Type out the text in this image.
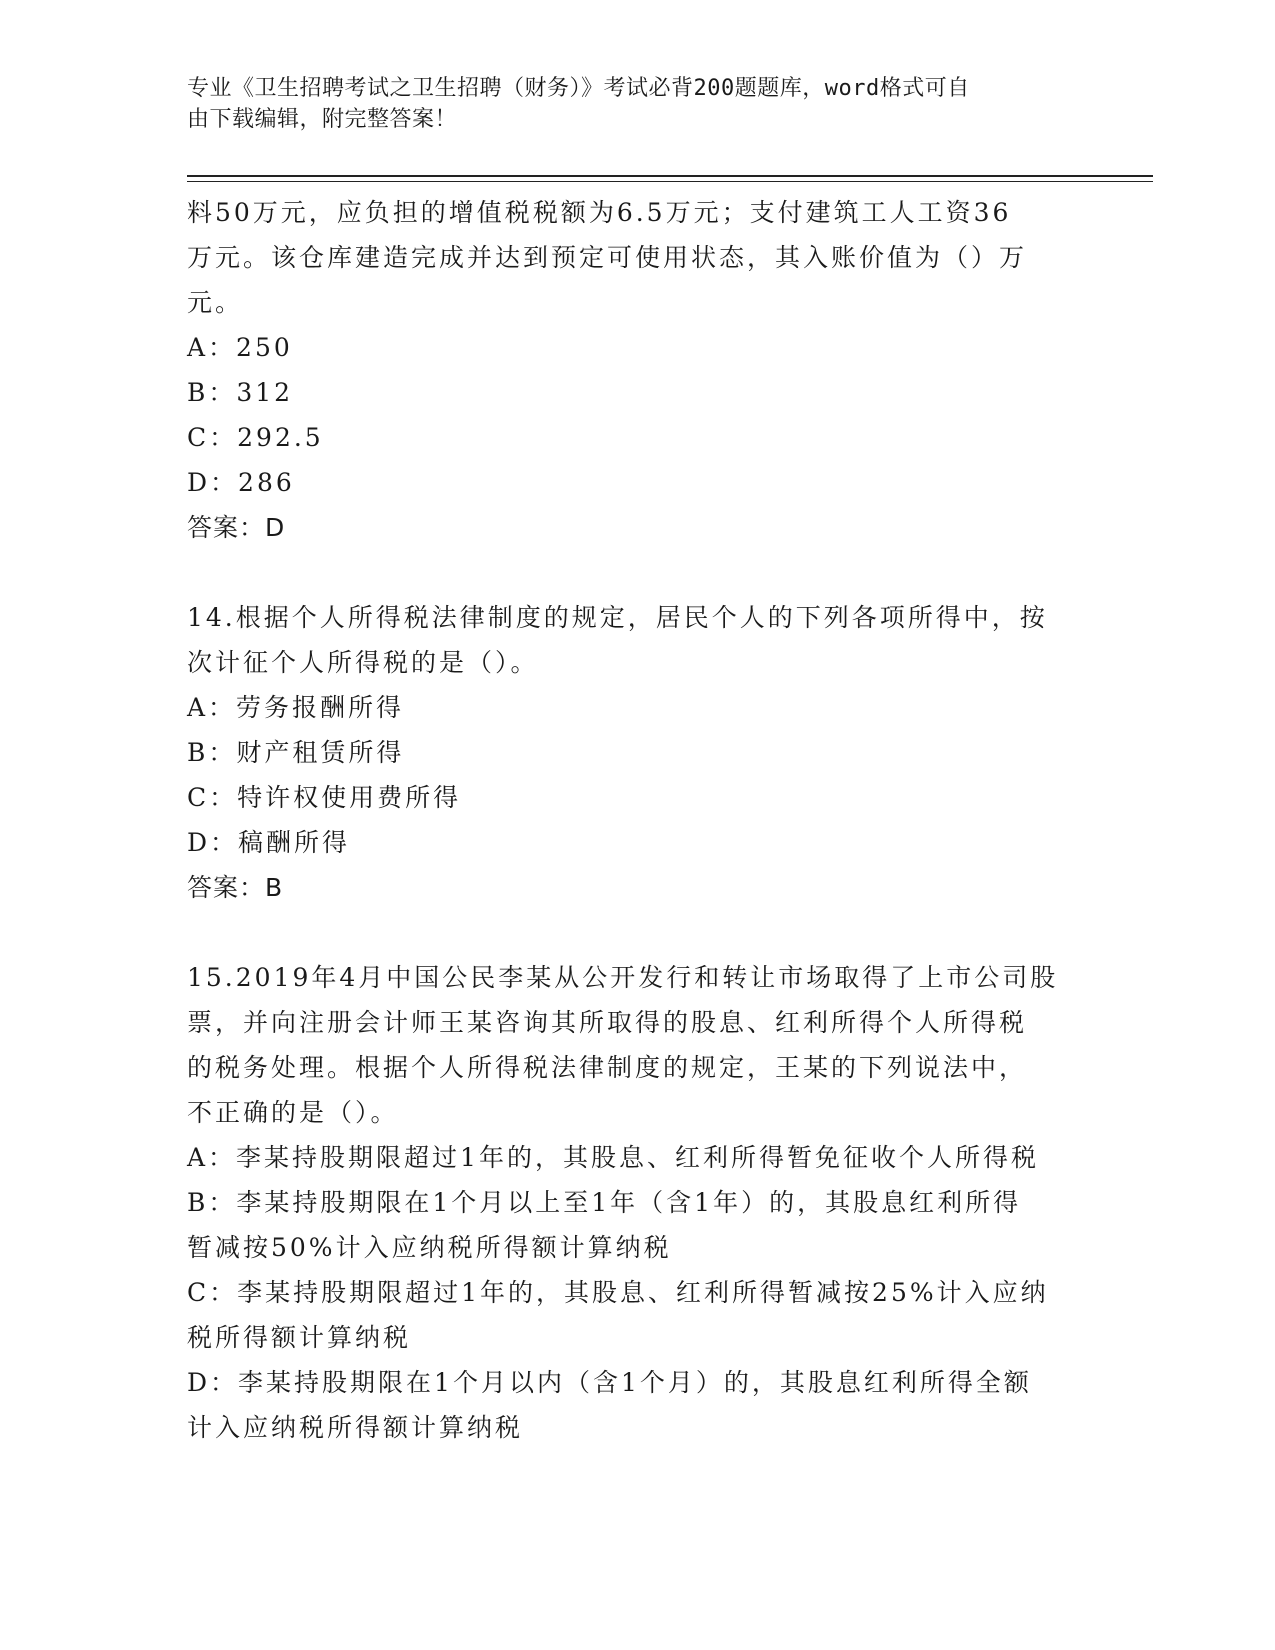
专业《卫生招聘考试之卫生招聘（财务）》考试必背200题题库，word格式可自
由下载编辑，附完整答案！

料50万元，应负担的增值税税额为6.5万元；支付建筑工人工资36

万元。该仓库建造完成并达到预定可使用状态，其入账价值为（）万

元。

A：250

B：312

C：292.5

D：286

答案：D

14.根据个人所得税法律制度的规定，居民个人的下列各项所得中，按

次计征个人所得税的是（）。

A：劳务报酬所得

B：财产租赁所得

C：特许权使用费所得

D：稿酬所得

答案：B

15.2019年4月中国公民李某从公开发行和转让市场取得了上市公司股

票，并向注册会计师王某咨询其所取得的股息、红利所得个人所得税

的税务处理。根据个人所得税法律制度的规定，王某的下列说法中，

不正确的是（）。

A：李某持股期限超过1年的，其股息、红利所得暂免征收个人所得税

B：李某持股期限在1个月以上至1年（含1年）的，其股息红利所得

暂减按50%计入应纳税所得额计算纳税

C：李某持股期限超过1年的，其股息、红利所得暂减按25%计入应纳

税所得额计算纳税

D：李某持股期限在1个月以内（含1个月）的，其股息红利所得全额

计入应纳税所得额计算纳税
